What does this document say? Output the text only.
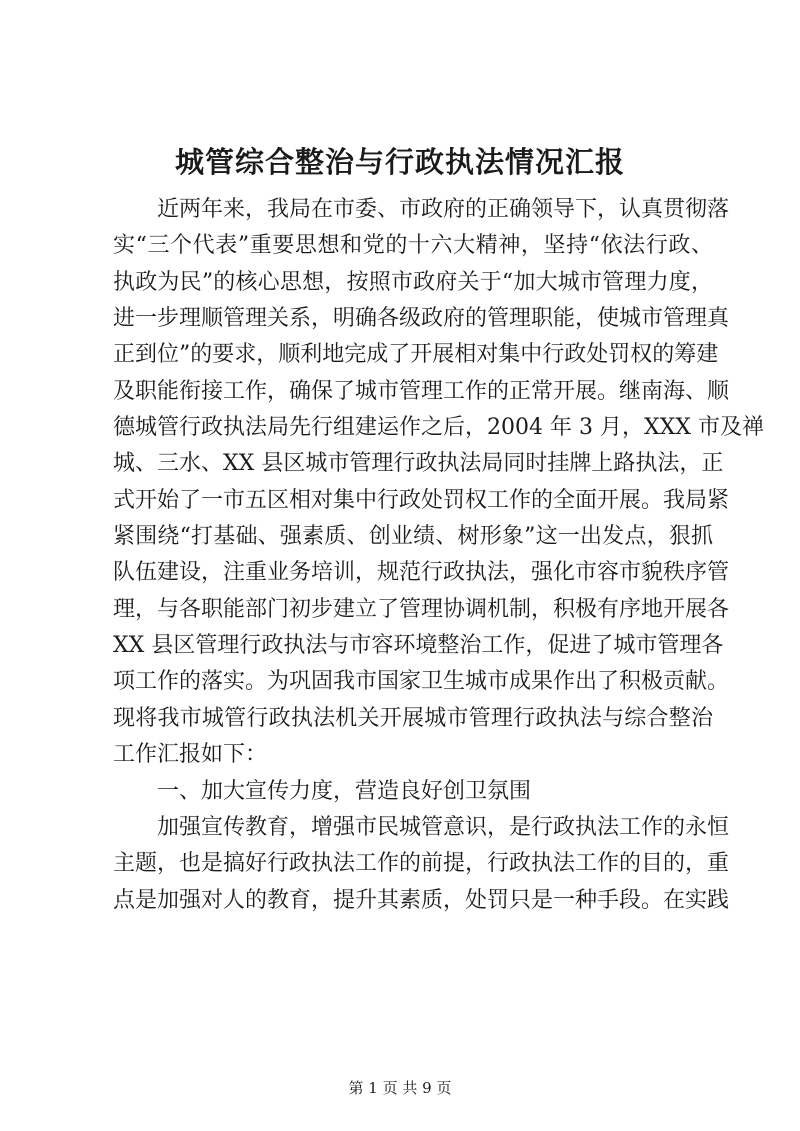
城管综合整治与行政执法情况汇报
近两年来，我局在市委、市政府的正确领导下，认真贯彻落
实“三个代表”重要思想和党的十六大精神，坚持“依法行政、
执政为民”的核心思想，按照市政府关于“加大城市管理力度，
进一步理顺管理关系，明确各级政府的管理职能，使城市管理真
正到位”的要求，顺利地完成了开展相对集中行政处罚权的筹建
及职能衔接工作，确保了城市管理工作的正常开展。继南海、顺
德城管行政执法局先行组建运作之后，2004 年 3 月，XXX 市及禅
城、三水、XX 县区城市管理行政执法局同时挂牌上路执法，正
式开始了一市五区相对集中行政处罚权工作的全面开展。我局紧
紧围绕“打基础、强素质、创业绩、树形象”这一出发点，狠抓
队伍建设，注重业务培训，规范行政执法，强化市容市貌秩序管
理，与各职能部门初步建立了管理协调机制，积极有序地开展各
XX 县区管理行政执法与市容环境整治工作，促进了城市管理各
项工作的落实。为巩固我市国家卫生城市成果作出了积极贡献。
现将我市城管行政执法机关开展城市管理行政执法与综合整治
工作汇报如下：
一、加大宣传力度，营造良好创卫氛围
加强宣传教育，增强市民城管意识，是行政执法工作的永恒
主题，也是搞好行政执法工作的前提，行政执法工作的目的，重
点是加强对人的教育，提升其素质，处罚只是一种手段。在实践
第 1 页 共 9 页
